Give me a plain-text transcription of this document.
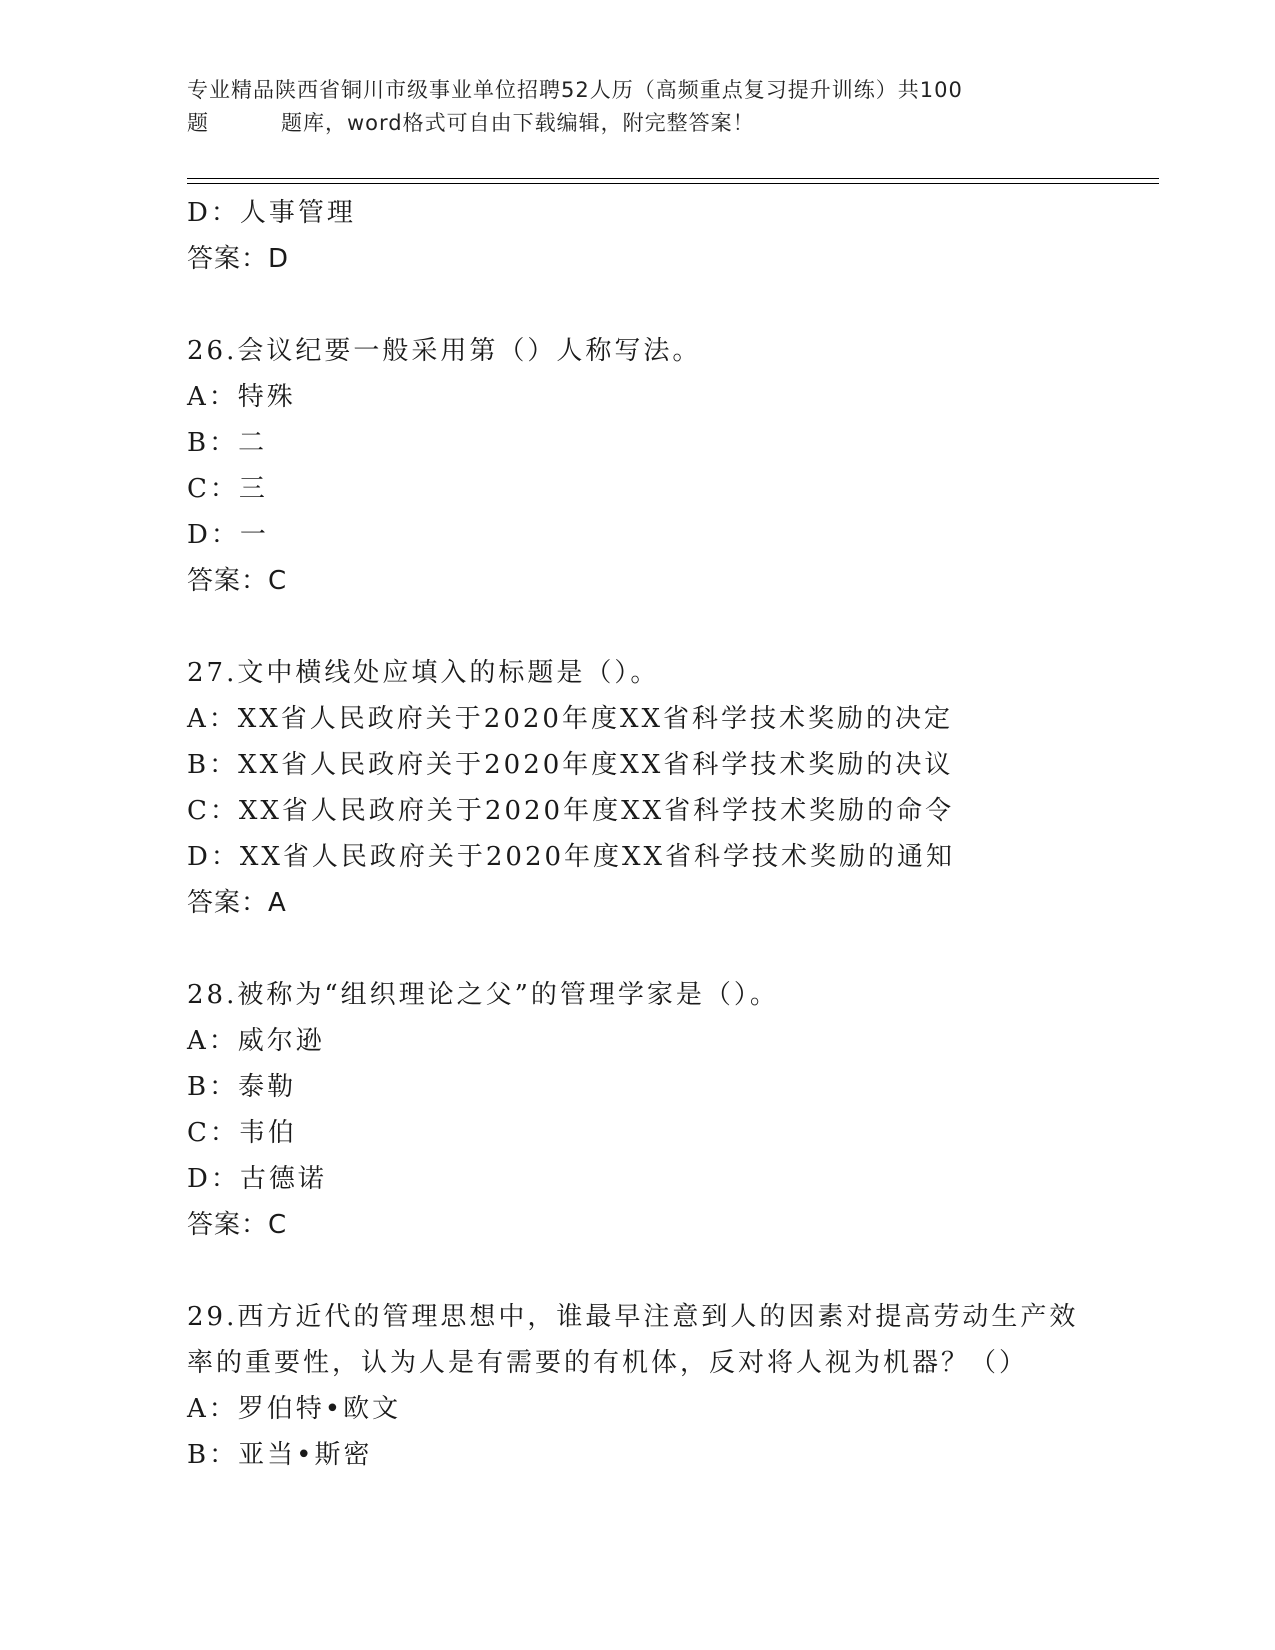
专业精品陕西省铜川市级事业单位招聘52人历（高频重点复习提升训练）共100
题	题库，word格式可自由下载编辑，附完整答案！
D：人事管理
答案：D
26.会议纪要一般采用第（）人称写法。
A：特殊
B：二
C：三
D：一
答案：C
27.文中横线处应填入的标题是（）。
A：XX省人民政府关于2020年度XX省科学技术奖励的决定
B：XX省人民政府关于2020年度XX省科学技术奖励的决议
C：XX省人民政府关于2020年度XX省科学技术奖励的命令
D：XX省人民政府关于2020年度XX省科学技术奖励的通知
答案：A
28.被称为“组织理论之父”的管理学家是（）。
A：威尔逊
B：泰勒
C：韦伯
D：古德诺
答案：C
29.西方近代的管理思想中，谁最早注意到人的因素对提高劳动生产效
率的重要性，认为人是有需要的有机体，反对将人视为机器？（）
A：罗伯特•欧文
B：亚当•斯密
